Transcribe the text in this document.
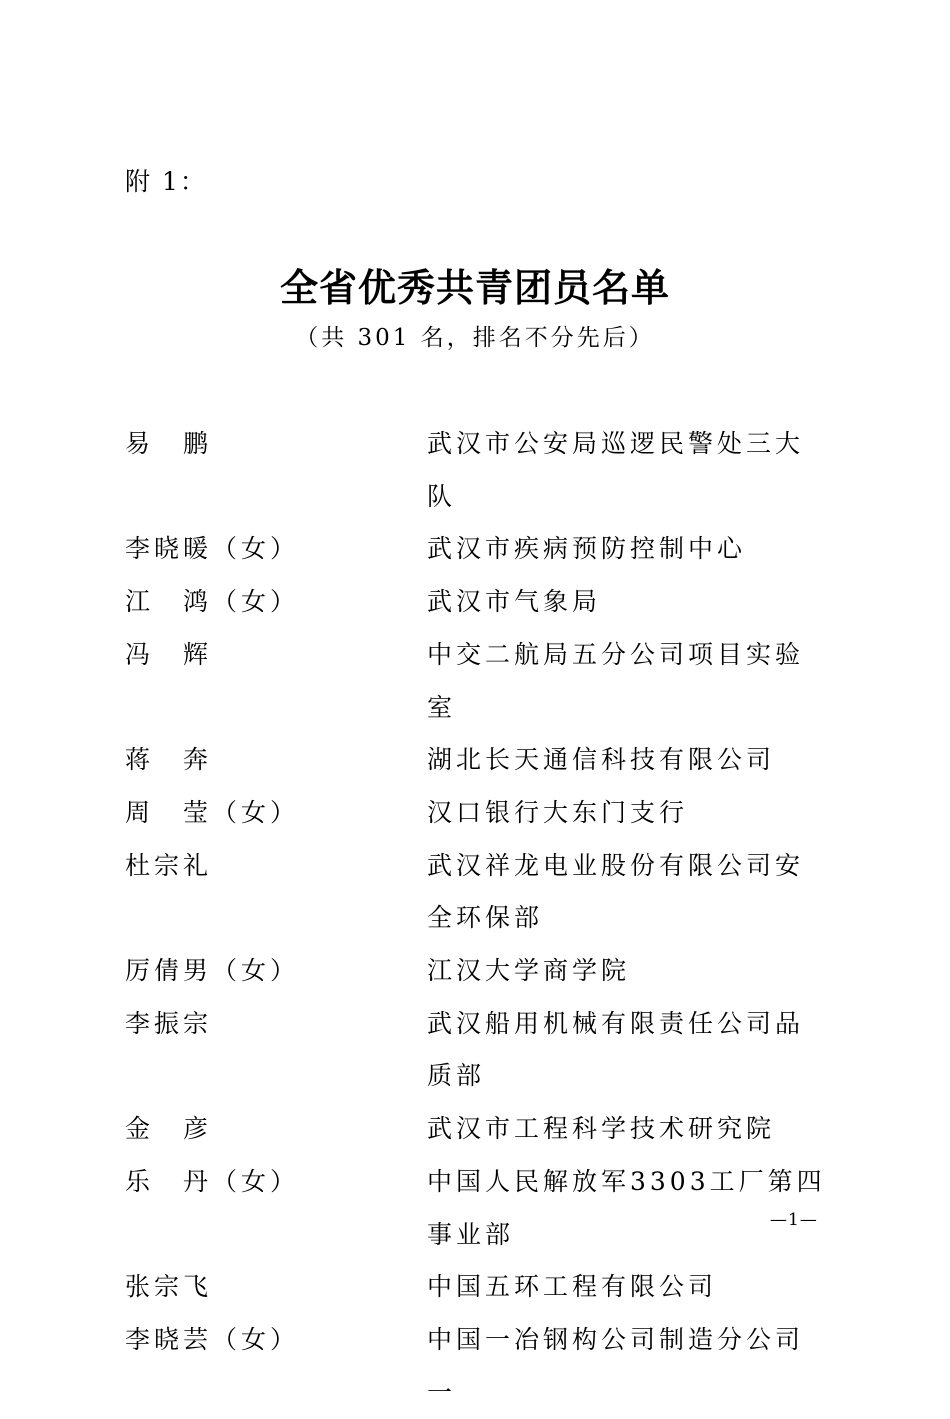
附 1：
全省优秀共青团员名单
（共 301 名，排名不分先后）
易　鹏	武汉市公安局巡逻民警处三大队
李晓暖（女）	武汉市疾病预防控制中心
江　鸿（女）	武汉市气象局
冯　辉	中交二航局五分公司项目实验室
蒋　奔	湖北长天通信科技有限公司
周　莹（女）	汉口银行大东门支行
杜宗礼	武汉祥龙电业股份有限公司安全环保部
厉倩男（女）	江汉大学商学院
李振宗	武汉船用机械有限责任公司品质部
金　彦	武汉市工程科学技术研究院
乐　丹（女）	中国人民解放军3303工厂第四事业部
张宗飞	中国五环工程有限公司
李晓芸（女）	中国一冶钢构公司制造分公司一
—1—
